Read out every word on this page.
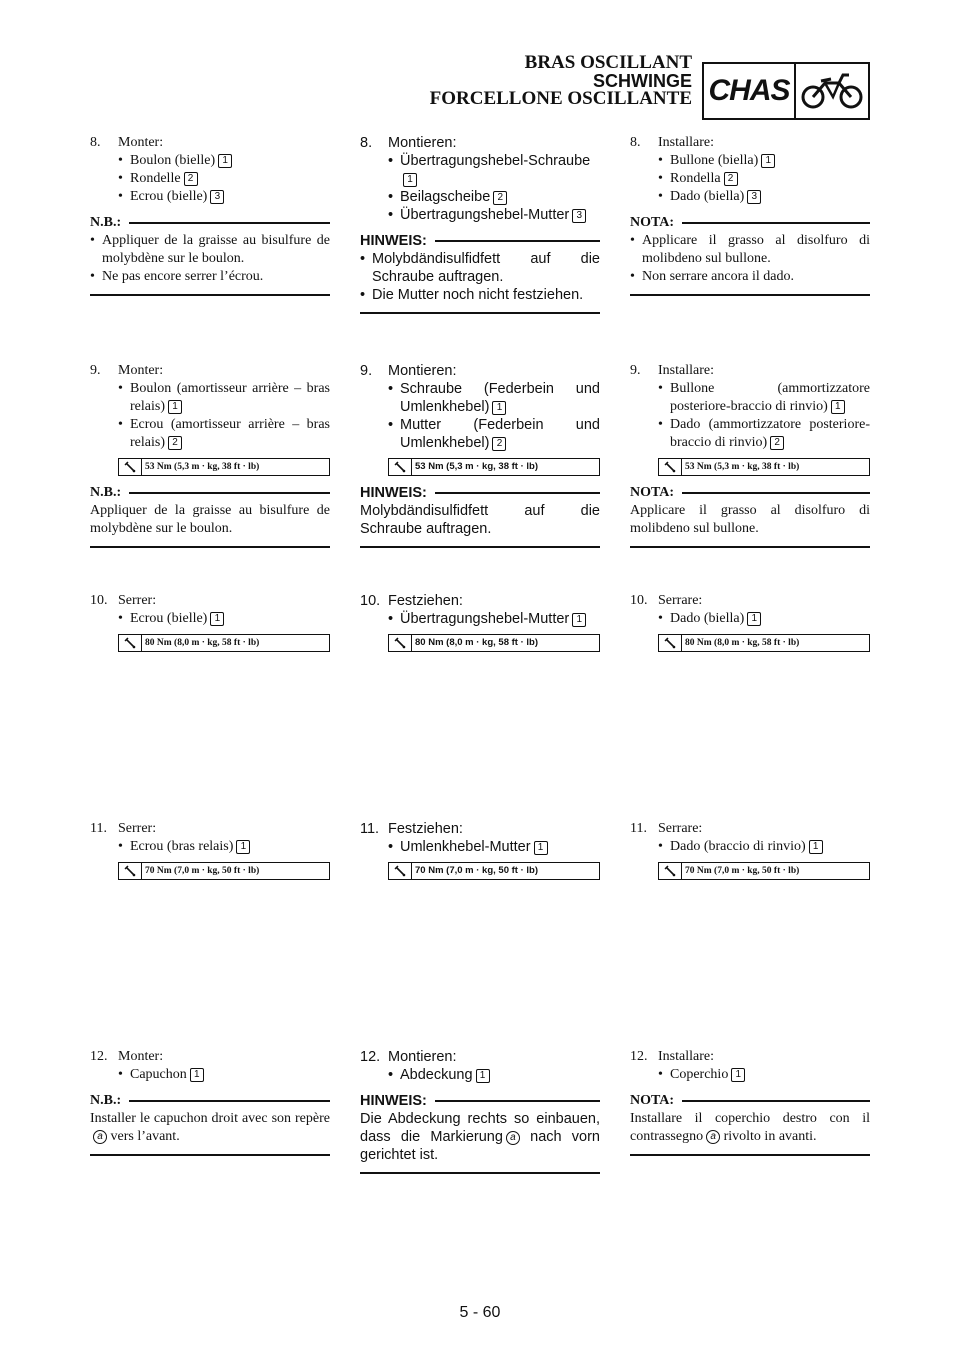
BRAS OSCILLANT
SCHWINGE
FORCELLONE OSCILLANTE CHAS
8.	Monter:
• Boulon (bielle) 1
• Rondelle 2
• Ecrou (bielle) 3
N.B.:
• Appliquer de la graisse au bisulfure de molybdène sur le boulon.
• Ne pas encore serrer l’écrou.
9.	Monter:
• Boulon (amortisseur arrière – bras relais) 1
• Ecrou (amortisseur arrière – bras relais) 2
53 Nm (5,3 m · kg, 38 ft · lb)
N.B.:
Appliquer de la graisse au bisulfure de molybdène sur le boulon.
10. Serrer:
• Ecrou (bielle) 1
80 Nm (8,0 m · kg, 58 ft · lb)
11. Serrer:
• Ecrou (bras relais) 1
70 Nm (7,0 m · kg, 50 ft · lb)
12. Monter:
• Capuchon 1
N.B.:
Installer le capuchon droit avec son repèrea vers l’avant.
8.	Montieren:
• Übertragungshebel-Schraube1
• Beilagscheibe 2
• Übertragungshebel-Mutter 3
HINWEIS:
• Molybdändisulfidfett auf die Schraube auftragen.
• Die Mutter noch nicht festziehen.
9.	Montieren:
• Schraube (Federbein und Umlenkhebel) 1
• Mutter (Federbein und Umlenkhebel) 2
53 Nm (5,3 m · kg, 38 ft · lb)
HINWEIS:
Molybdändisulfidfett auf die Schraube auftragen.
10. Festziehen:
• Übertragungshebel-Mutter 1
80 Nm (8,0 m · kg, 58 ft · lb)
11. Festziehen:
• Umlenkhebel-Mutter 1
70 Nm (7,0 m · kg, 50 ft · lb)
12. Montieren:
• Abdeckung 1
HINWEIS:
Die Abdeckung rechts so einbauen, dass die Markierung a nach vorn gerichtet ist.
8.	Installare:
• Bullone (biella) 1
• Rondella 2
• Dado (biella) 3
NOTA:
• Applicare il grasso al disolfuro di molibdeno sul bullone.
• Non serrare ancora il dado.
9.	Installare:
• Bullone (ammortizzatore posteriore-braccio di rinvio) 1
• Dado (ammortizzatore posteriore-braccio di rinvio) 2
53 Nm (5,3 m · kg, 38 ft · lb)
NOTA:
Applicare il grasso al disolfuro di molibdeno sul bullone.
10. Serrare:
• Dado (biella) 1
80 Nm (8,0 m · kg, 58 ft · lb)
11. Serrare:
• Dado (braccio di rinvio) 1
70 Nm (7,0 m · kg, 50 ft · lb)
12. Installare:
• Coperchio 1
NOTA:
Installare il coperchio destro con il contrassegno a rivolto in avanti.
5 - 60
